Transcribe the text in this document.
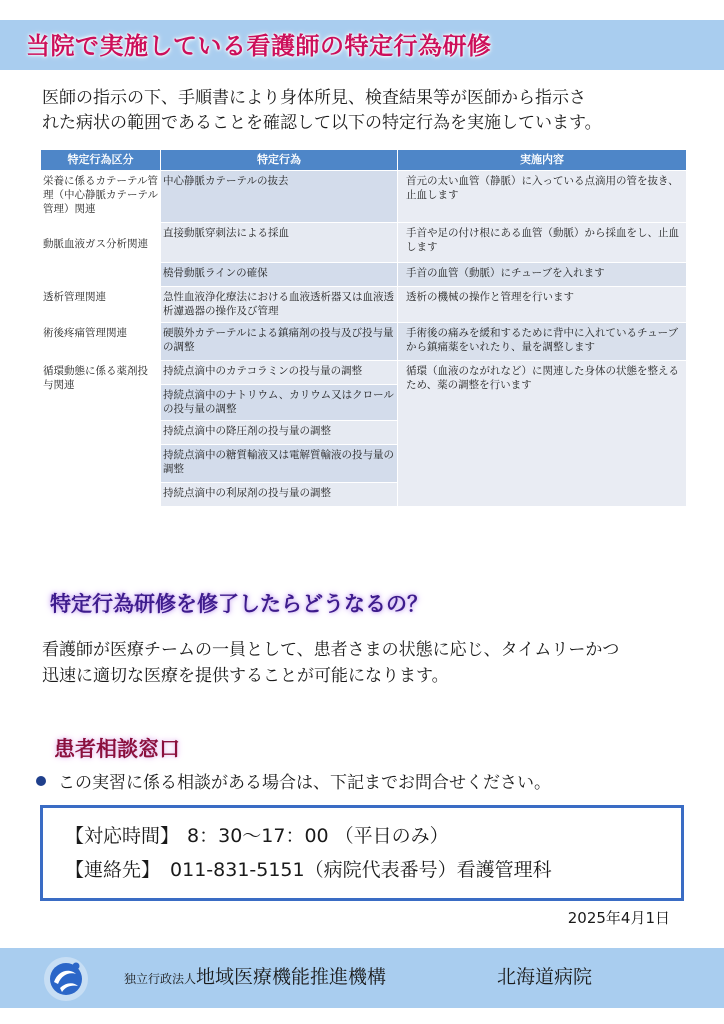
当院で実施している看護師の特定行為研修
医師の指示の下、手順書により身体所見、検査結果等が医師から指示さ
れた病状の範囲であることを確認して以下の特定行為を実施しています。
特定行為区分	特定行為	実施内容
栄養に係るカテーテル管理（中心静脈カテーテル管理）関連	中心静脈カテーテルの抜去	首元の太い血管（静脈）に入っている点滴用の管を抜き、止血します
動脈血液ガス分析関連	直接動脈穿刺法による採血	手首や足の付け根にある血管（動脈）から採血をし、止血します
	橈骨動脈ラインの確保	手首の血管（動脈）にチューブを入れます
透析管理関連	急性血液浄化療法における血液透析器又は血液透析濾過器の操作及び管理	透析の機械の操作と管理を行います
術後疼痛管理関連	硬膜外カテーテルによる鎮痛剤の投与及び投与量の調整	手術後の痛みを緩和するために背中に入れているチューブから鎮痛薬をいれたり、量を調整します
循環動態に係る薬剤投与関連	持続点滴中のカテコラミンの投与量の調整	循環（血液のながれなど）に関連した身体の状態を整えるため、薬の調整を行います
	持続点滴中のナトリウム、カリウム又はクロールの投与量の調整	
	持続点滴中の降圧剤の投与量の調整	
	持続点滴中の糖質輸液又は電解質輸液の投与量の調整	
	持続点滴中の利尿剤の投与量の調整	
特定行為研修を修了したらどうなるの？
看護師が医療チームの一員として、患者さまの状態に応じ、タイムリーかつ
迅速に適切な医療を提供することが可能になります。
患者相談窓口
この実習に係る相談がある場合は、下記までお問合せください。
【対応時間】 8：30～17：00 （平日のみ）
【連絡先】 011-831-5151（病院代表番号）看護管理科
2025年4月1日
独立行政法人地域医療機能推進機構	北海道病院
